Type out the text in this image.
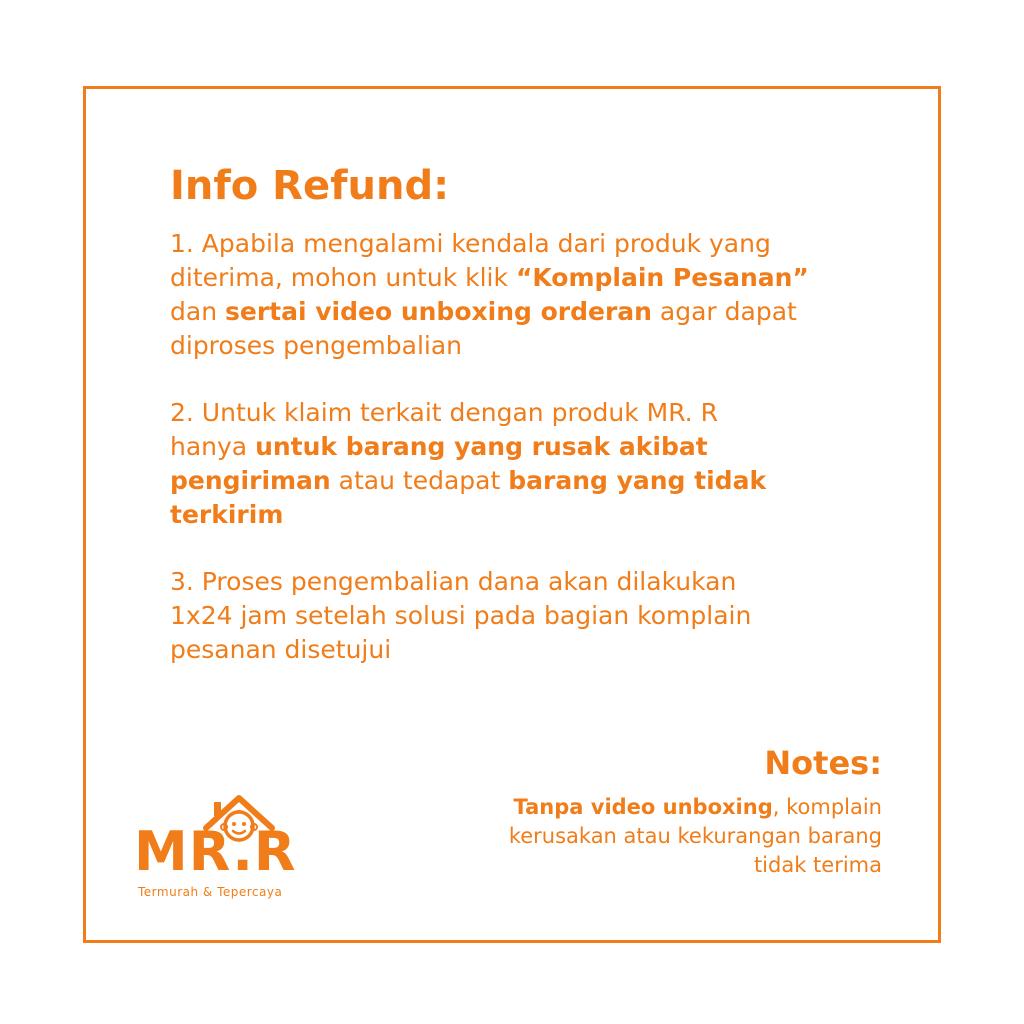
Info Refund:

1. Apabila mengalami kendala dari produk yang
diterima, mohon untuk klik “Komplain Pesanan”
dan sertai video unboxing orderan agar dapat
diproses pengembalian

2. Untuk klaim terkait dengan produk MR. R
hanya untuk barang yang rusak akibat
pengiriman atau tedapat barang yang tidak
terkirim

3. Proses pengembalian dana akan dilakukan
1x24 jam setelah solusi pada bagian komplain
pesanan disetujui

Notes:

Tanpa video unboxing, komplain
kerusakan atau kekurangan barang
tidak terima

MR.R
Termurah & Tepercaya
